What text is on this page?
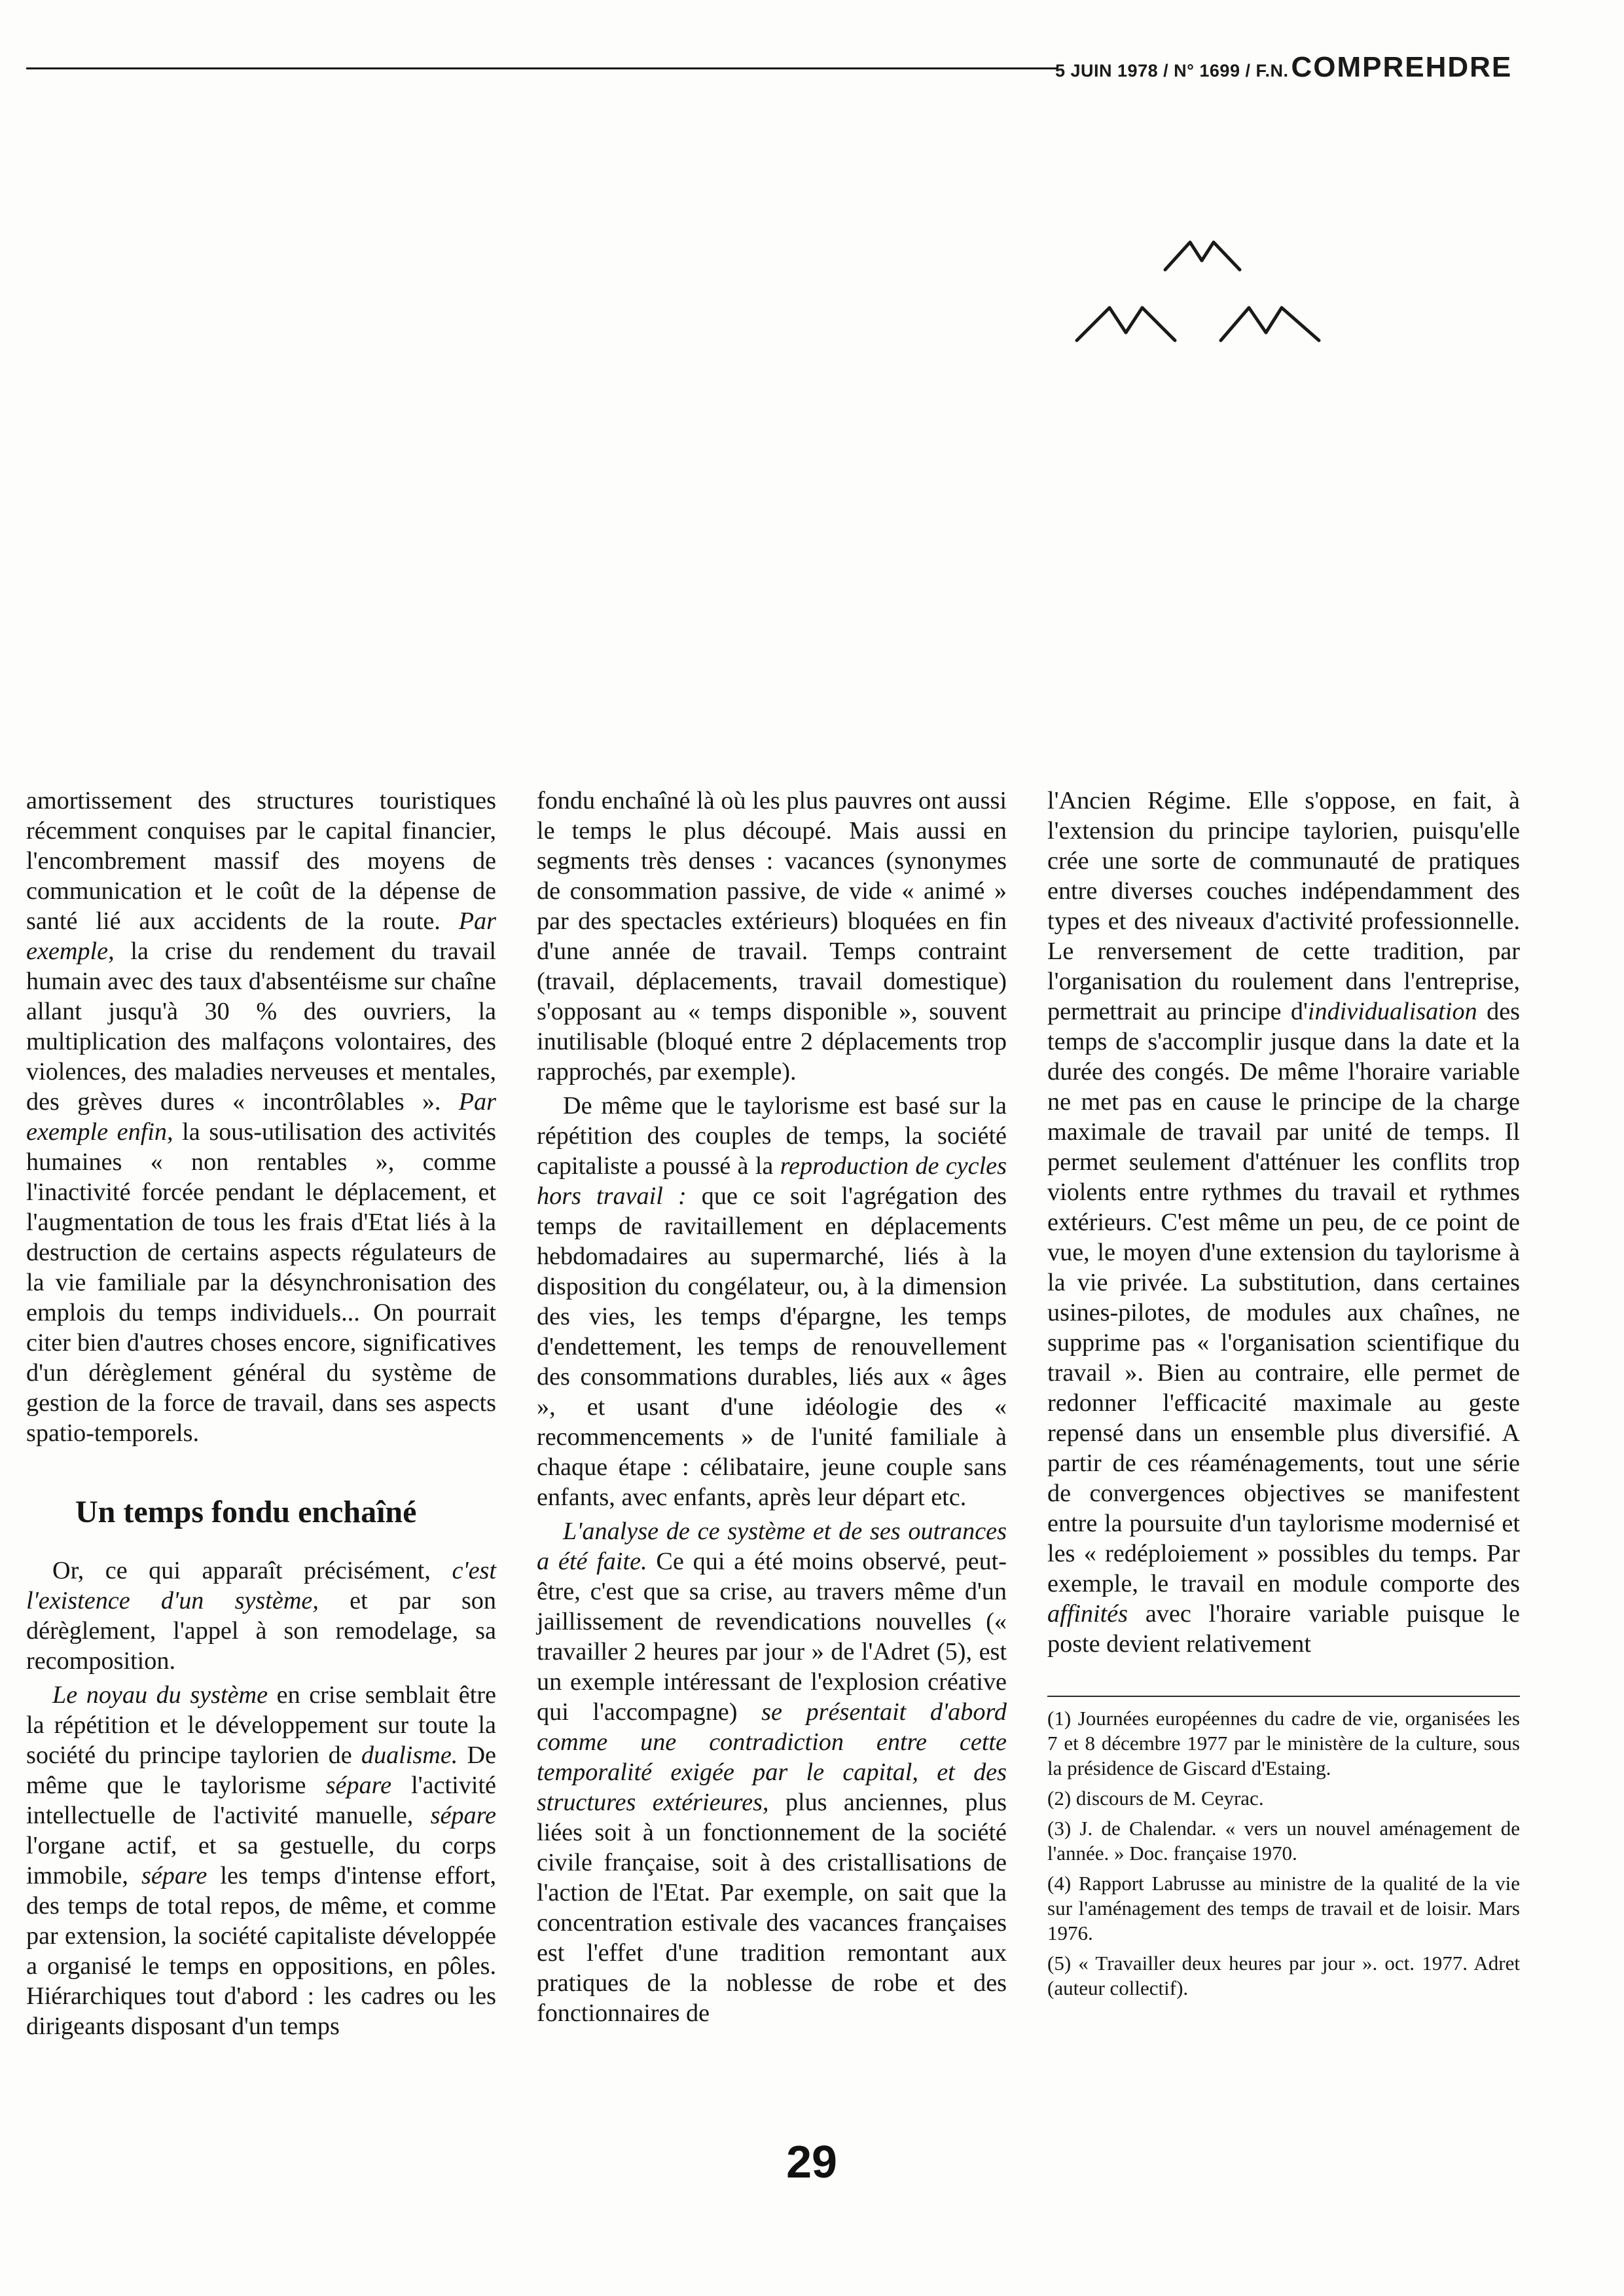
5 JUIN 1978 / N° 1699 / F.N.COMPREHDRE

amortissement des structures touristiques récemment conquises par le capital financier, l'encombrement massif des moyens de communication et le coût de la dépense de santé lié aux accidents de la route. Par exemple, la crise du rendement du travail humain avec des taux d'absentéisme sur chaîne allant jusqu'à 30 % des ouvriers, la multiplication des malfaçons volontaires, des violences, des maladies nerveuses et mentales, des grèves dures « incontrôlables ». Par exemple enfin, la sous-utilisation des activités humaines « non rentables », comme l'inactivité forcée pendant le déplacement, et l'augmentation de tous les frais d'Etat liés à la destruction de certains aspects régulateurs de la vie familiale par la désynchronisation des emplois du temps individuels... On pourrait citer bien d'autres choses encore, significatives d'un dérèglement général du système de gestion de la force de travail, dans ses aspects spatio-temporels.

Un temps fondu enchaîné

Or, ce qui apparaît précisément, c'est l'existence d'un système, et par son dérèglement, l'appel à son remodelage, sa recomposition.

Le noyau du système en crise semblait être la répétition et le développement sur toute la société du principe taylorien de dualisme. De même que le taylorisme sépare l'activité intellectuelle de l'activité manuelle, sépare l'organe actif, et sa gestuelle, du corps immobile, sépare les temps d'intense effort, des temps de total repos, de même, et comme par extension, la société capitaliste développée a organisé le temps en oppositions, en pôles. Hiérarchiques tout d'abord : les cadres ou les dirigeants disposant d'un temps

fondu enchaîné là où les plus pauvres ont aussi le temps le plus découpé. Mais aussi en segments très denses : vacances (synonymes de consommation passive, de vide « animé » par des spectacles extérieurs) bloquées en fin d'une année de travail. Temps contraint (travail, déplacements, travail domestique) s'opposant au « temps disponible », souvent inutilisable (bloqué entre 2 déplacements trop rapprochés, par exemple).

De même que le taylorisme est basé sur la répétition des couples de temps, la société capitaliste a poussé à la reproduction de cycles hors travail : que ce soit l'agrégation des temps de ravitaillement en déplacements hebdomadaires au supermarché, liés à la disposition du congélateur, ou, à la dimension des vies, les temps d'épargne, les temps d'endettement, les temps de renouvellement des consommations durables, liés aux « âges », et usant d'une idéologie des « recommencements » de l'unité familiale à chaque étape : célibataire, jeune couple sans enfants, avec enfants, après leur départ etc.

L'analyse de ce système et de ses outrances a été faite. Ce qui a été moins observé, peut-être, c'est que sa crise, au travers même d'un jaillissement de revendications nouvelles (« travailler 2 heures par jour » de l'Adret (5), est un exemple intéressant de l'explosion créative qui l'accompagne) se présentait d'abord comme une contradiction entre cette temporalité exigée par le capital, et des structures extérieures, plus anciennes, plus liées soit à un fonctionnement de la société civile française, soit à des cristallisations de l'action de l'Etat. Par exemple, on sait que la concentration estivale des vacances françaises est l'effet d'une tradition remontant aux pratiques de la noblesse de robe et des fonctionnaires de

l'Ancien Régime. Elle s'oppose, en fait, à l'extension du principe taylorien, puisqu'elle crée une sorte de communauté de pratiques entre diverses couches indépendamment des types et des niveaux d'activité professionnelle. Le renversement de cette tradition, par l'organisation du roulement dans l'entreprise, permettrait au principe d'individualisation des temps de s'accomplir jusque dans la date et la durée des congés. De même l'horaire variable ne met pas en cause le principe de la charge maximale de travail par unité de temps. Il permet seulement d'atténuer les conflits trop violents entre rythmes du travail et rythmes extérieurs. C'est même un peu, de ce point de vue, le moyen d'une extension du taylorisme à la vie privée. La substitution, dans certaines usines-pilotes, de modules aux chaînes, ne supprime pas « l'organisation scientifique du travail ». Bien au contraire, elle permet de redonner l'efficacité maximale au geste repensé dans un ensemble plus diversifié. A partir de ces réaménagements, tout une série de convergences objectives se manifestent entre la poursuite d'un taylorisme modernisé et les « redéploiement » possibles du temps. Par exemple, le travail en module comporte des affinités avec l'horaire variable puisque le poste devient relativement

(1) Journées européennes du cadre de vie, organisées les 7 et 8 décembre 1977 par le ministère de la culture, sous la présidence de Giscard d'Estaing.

(2) discours de M. Ceyrac.

(3) J. de Chalendar. « vers un nouvel aménagement de l'année. » Doc. française 1970.

(4) Rapport Labrusse au ministre de la qualité de la vie sur l'aménagement des temps de travail et de loisir. Mars 1976.

(5) « Travailler deux heures par jour ». oct. 1977. Adret (auteur collectif).

29
